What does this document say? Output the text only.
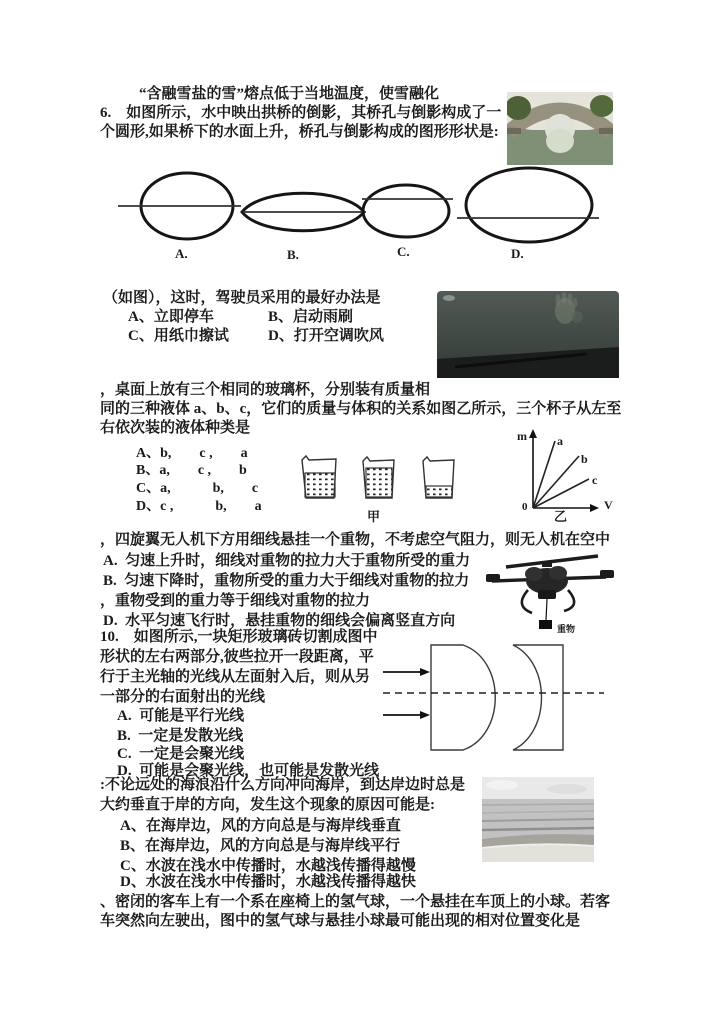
“含融雪盐的雪”熔点低于当地温度，使雪融化
6.　如图所示，水中映出拱桥的倒影，其桥孔与倒影构成了一
个圆形,如果桥下的水面上升，桥孔与倒影构成的图形形状是:
A.	B.	C.	D.
（如图），这时，驾驶员采用的最好办法是
A、立即停车	B、启动雨刷
C、用纸巾擦试	D、打开空调吹风
，桌面上放有三个相同的玻璃杯，分别装有质量相
同的三种液体 a、b、c，它们的质量与体积的关系如图乙所示，三个杯子从左至
右依次装的液体种类是
A、b,　　c ,　　a
B、a,　　c ,　　b
C、a,　　　b,　　c
D、c ,　　　b,　　a
甲
m	a
b
c
V
0
乙
，四旋翼无人机下方用细线悬挂一个重物，不考虑空气阻力，则无人机在空中
A.  匀速上升时，细线对重物的拉力大于重物所受的重力
B.  匀速下降时，重物所受的重力大于细线对重物的拉力
，重物受到的重力等于细线对重物的拉力
D.  水平匀速飞行时，悬挂重物的细线会偏离竖直方向	重物
10.　如图所示,一块矩形玻璃砖切割成图中
形状的左右两部分,彼些拉开一段距离，平
行于主光轴的光线从左面射入后，则从另
一部分的右面射出的光线
A.  可能是平行光线
B.  一定是发散光线
C.  一定是会聚光线
D.  可能是会聚光线，也可能是发散光线
:不论远处的海浪沿什么方向冲向海岸，到达岸边时总是
大约垂直于岸的方向，发生这个现象的原因可能是:
A、在海岸边，风的方向总是与海岸线垂直
B、在海岸边，风的方向总是与海岸线平行
C、水波在浅水中传播时，水越浅传播得越慢
D、水波在浅水中传播时，水越浅传播得越快
、密闭的客车上有一个系在座椅上的氢气球，一个悬挂在车顶上的小球。若客
车突然向左驶出，图中的氢气球与悬挂小球最可能出现的相对位置变化是
